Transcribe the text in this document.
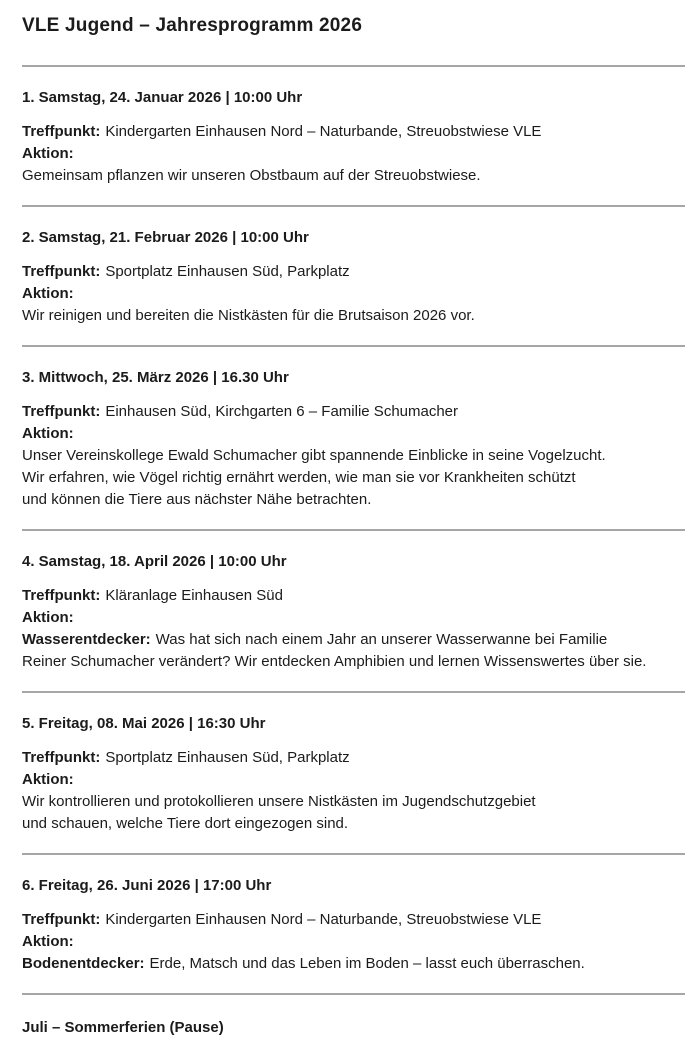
VLE Jugend – Jahresprogramm 2026
1. Samstag, 24. Januar 2026 | 10:00 Uhr
Treffpunkt: Kindergarten Einhausen Nord – Naturbande, Streuobstwiese VLE
Aktion:
Gemeinsam pflanzen wir unseren Obstbaum auf der Streuobstwiese.
2. Samstag, 21. Februar 2026 | 10:00 Uhr
Treffpunkt: Sportplatz Einhausen Süd, Parkplatz
Aktion:
Wir reinigen und bereiten die Nistkästen für die Brutsaison 2026 vor.
3. Mittwoch, 25. März 2026 | 16.30 Uhr
Treffpunkt: Einhausen Süd, Kirchgarten 6 – Familie Schumacher
Aktion:
Unser Vereinskollege Ewald Schumacher gibt spannende Einblicke in seine Vogelzucht.
Wir erfahren, wie Vögel richtig ernährt werden, wie man sie vor Krankheiten schützt
und können die Tiere aus nächster Nähe betrachten.
4. Samstag, 18. April 2026 | 10:00 Uhr
Treffpunkt: Kläranlage Einhausen Süd
Aktion:
Wasserentdecker: Was hat sich nach einem Jahr an unserer Wasserwanne bei Familie
Reiner Schumacher verändert? Wir entdecken Amphibien und lernen Wissenswertes über sie.
5. Freitag, 08. Mai 2026 | 16:30 Uhr
Treffpunkt: Sportplatz Einhausen Süd, Parkplatz
Aktion:
Wir kontrollieren und protokollieren unsere Nistkästen im Jugendschutzgebiet
und schauen, welche Tiere dort eingezogen sind.
6. Freitag, 26. Juni 2026 | 17:00 Uhr
Treffpunkt: Kindergarten Einhausen Nord – Naturbande, Streuobstwiese VLE
Aktion:
Bodenentdecker: Erde, Matsch und das Leben im Boden – lasst euch überraschen.
Juli – Sommerferien (Pause)
